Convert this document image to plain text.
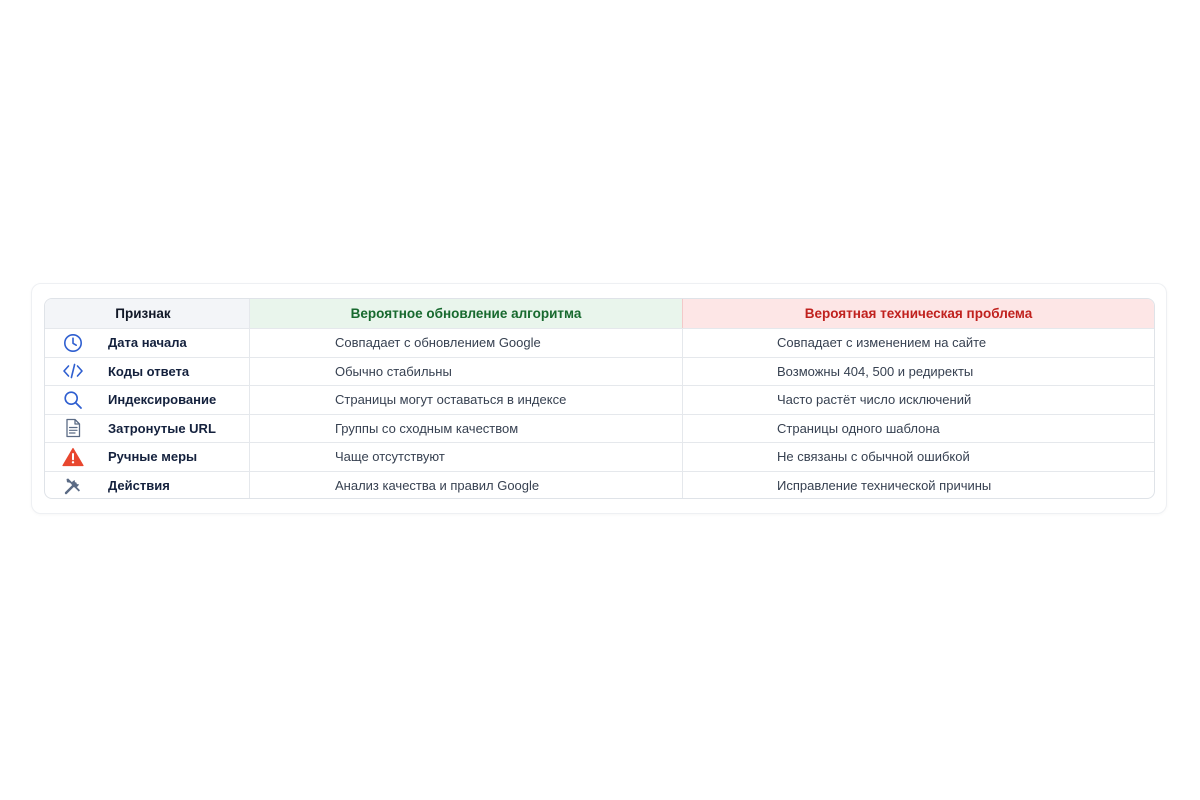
Признак	Вероятное обновление алгоритма	Вероятная техническая проблема
Дата начала	Совпадает с обновлением Google	Совпадает с изменением на сайте
Коды ответа	Обычно стабильны	Возможны 404, 500 и редиректы
Индексирование	Страницы могут оставаться в индексе	Часто растёт число исключений
Затронутые URL	Группы со сходным качеством	Страницы одного шаблона
Ручные меры	Чаще отсутствуют	Не связаны с обычной ошибкой
Действия	Анализ качества и правил Google	Исправление технической причины
